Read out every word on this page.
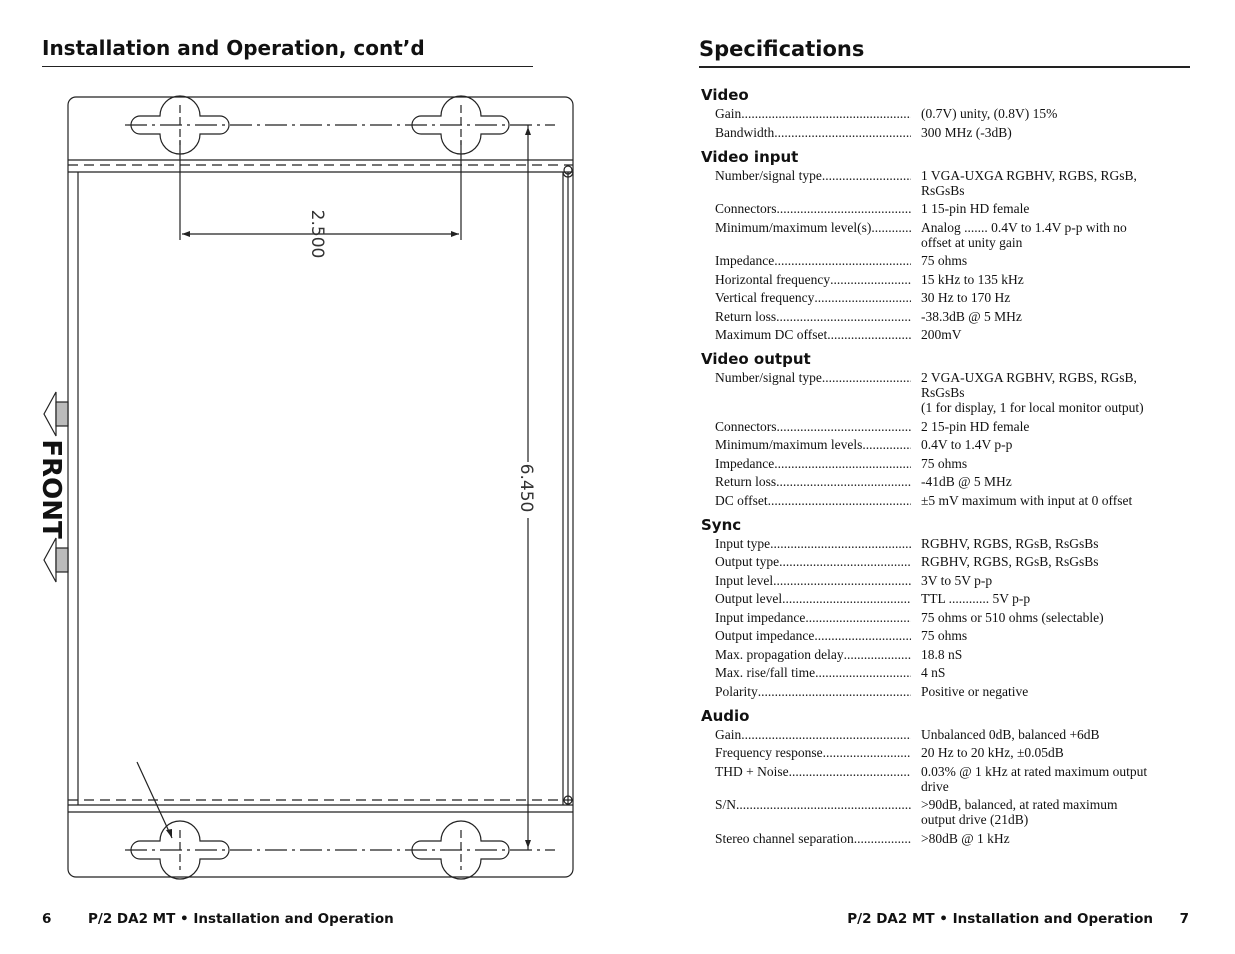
Installation and Operation, cont’d
FRONT
2.500
6.450
Specifications
Video
Gain .....	(0.7V) unity, (0.8V) 15%
Bandwidth .....	300 MHz (-3dB)
Video input
Number/signal type .....	1 VGA-UXGA RGBHV, RGBS, RGsB,
RsGsBs
Connectors .....	1 15-pin HD female
Minimum/maximum level(s) .....	Analog ....... 0.4V to 1.4V p-p with no
offset at unity gain
Impedance .....	75 ohms
Horizontal frequency .....	15 kHz to 135 kHz
Vertical frequency .....	30 Hz to 170 Hz
Return loss .....	-38.3dB @ 5 MHz
Maximum DC offset .....	200mV
Video output
Number/signal type .....	2 VGA-UXGA RGBHV, RGBS, RGsB,
RsGsBs
(1 for display, 1 for local monitor output)
Connectors .....	2 15-pin HD female
Minimum/maximum levels .....	0.4V to 1.4V p-p
Impedance .....	75 ohms
Return loss .....	-41dB @ 5 MHz
DC offset .....	±5 mV maximum with input at 0 offset
Sync
Input type .....	RGBHV, RGBS, RGsB, RsGsBs
Output type .....	RGBHV, RGBS, RGsB, RsGsBs
Input level .....	3V to 5V p-p
Output level .....	TTL ............ 5V p-p
Input impedance .....	75 ohms or 510 ohms (selectable)
Output impedance .....	75 ohms
Max. propagation delay .....	18.8 nS
Max. rise/fall time .....	4 nS
Polarity .....	Positive or negative
Audio
Gain .....	Unbalanced 0dB, balanced +6dB
Frequency response .....	20 Hz to 20 kHz, ±0.05dB
THD + Noise .....	0.03% @ 1 kHz at rated maximum output
drive
S/N .....	>90dB, balanced, at rated maximum
output drive (21dB)
Stereo channel separation .....	>80dB @ 1 kHz
6	P/2 DA2 MT • Installation and Operation	P/2 DA2 MT • Installation and Operation 7
